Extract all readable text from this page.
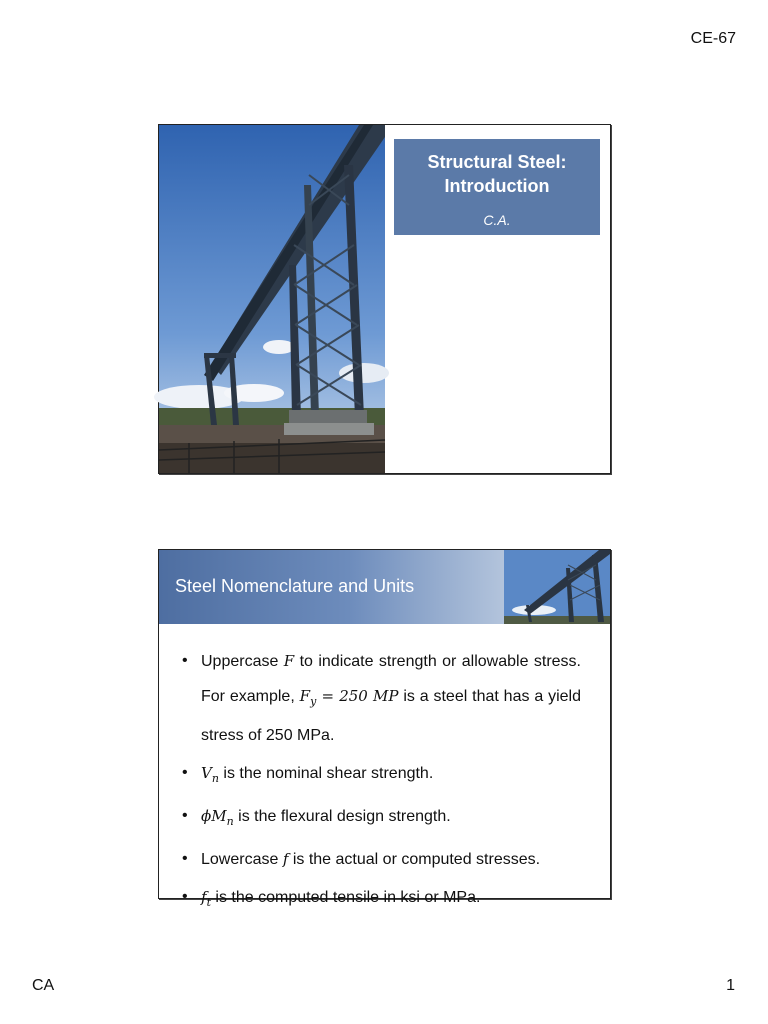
CE-67
Structural Steel:
Introduction
C.A.
Steel Nomenclature and Units
• Uppercase F to indicate strength or allowable stress. For example, $F_y = 250$ MP is a steel that has a yield stress of 250 MPa.
• $V_n$ is the nominal shear strength.
• $\phi M_n$ is the flexural design strength.
• Lowercase f is the actual or computed stresses.
• $f_t$ is the computed tensile in ksi or MPa.
CA	1
